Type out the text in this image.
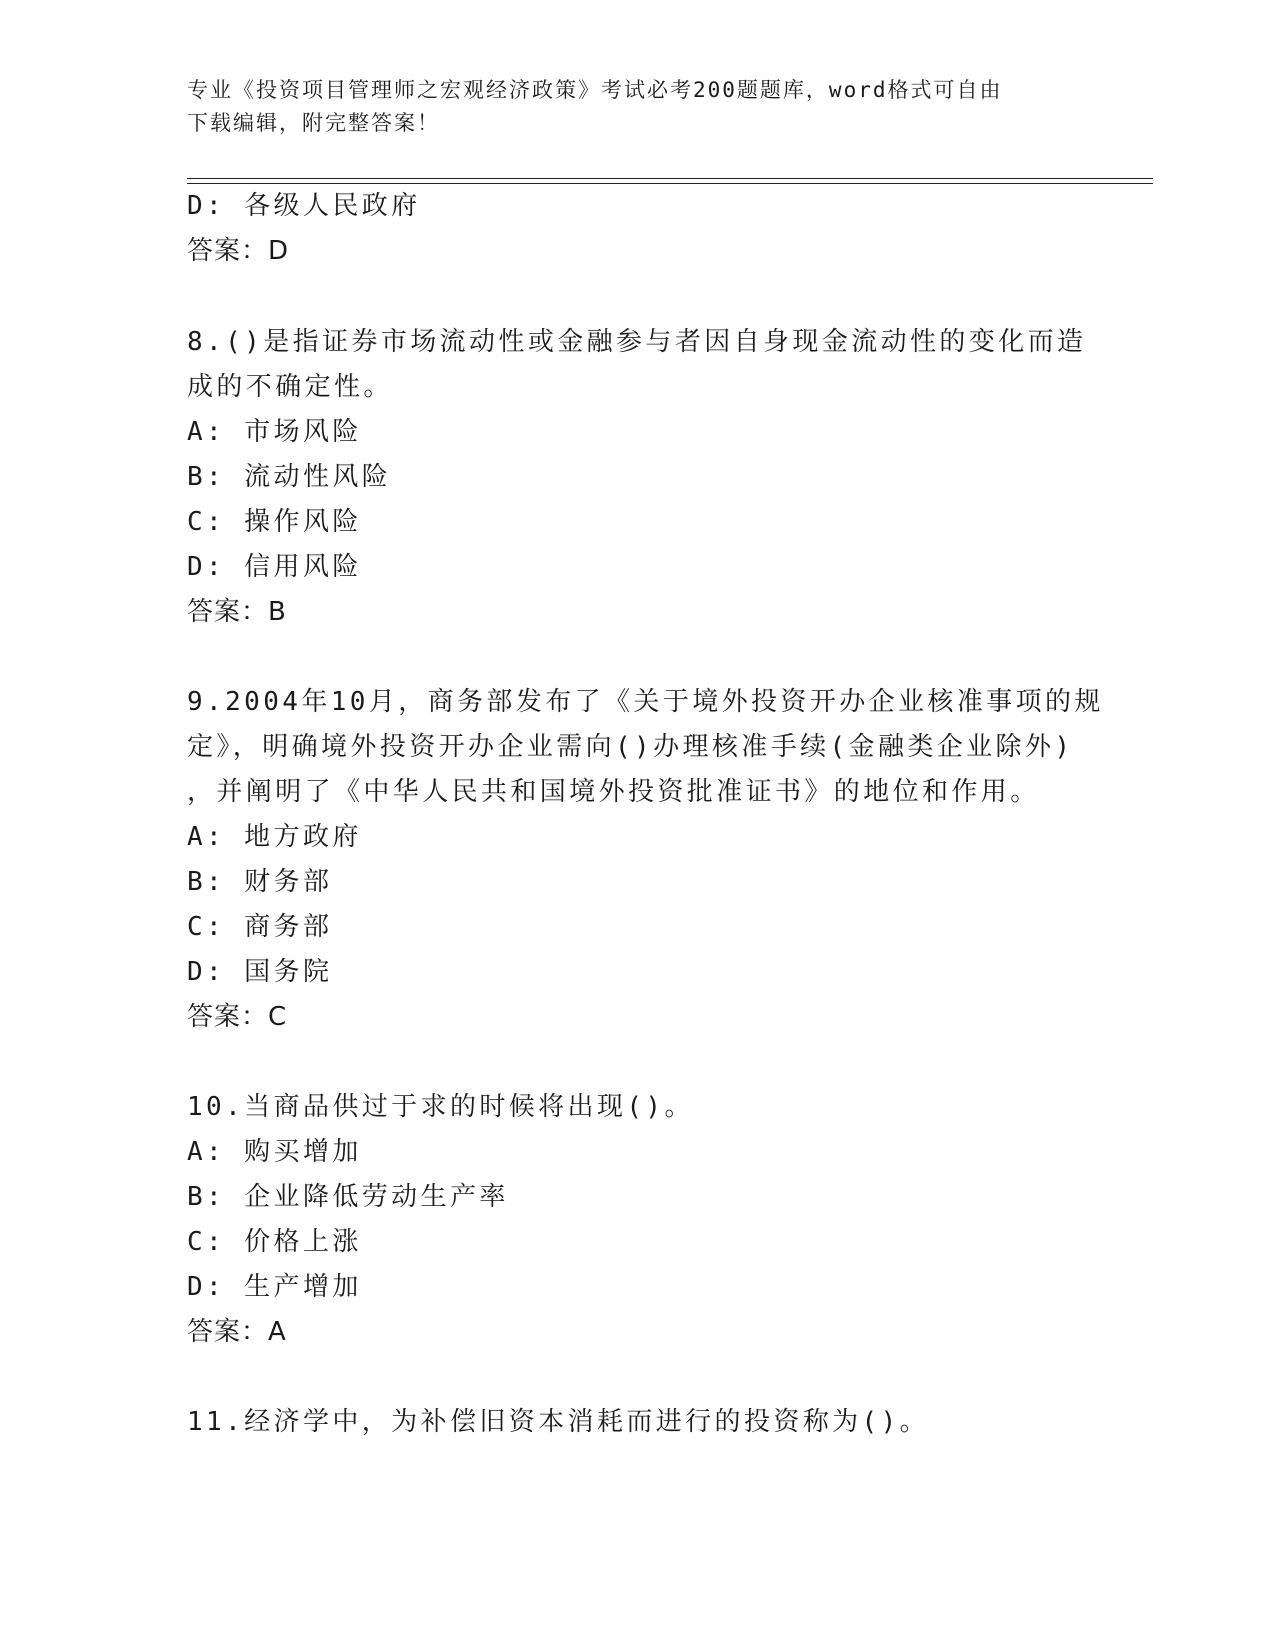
专业《投资项目管理师之宏观经济政策》考试必考200题题库，word格式可自由
下载编辑，附完整答案！
D: 各级人民政府
答案：D
8.()是指证券市场流动性或金融参与者因自身现金流动性的变化而造
成的不确定性。
A: 市场风险
B: 流动性风险
C: 操作风险
D: 信用风险
答案：B
9.2004年10月，商务部发布了《关于境外投资开办企业核准事项的规
定》，明确境外投资开办企业需向()办理核准手续(金融类企业除外)
，并阐明了《中华人民共和国境外投资批准证书》的地位和作用。
A: 地方政府
B: 财务部
C: 商务部
D: 国务院
答案：C
10.当商品供过于求的时候将出现()。
A: 购买增加
B: 企业降低劳动生产率
C: 价格上涨
D: 生产增加
答案：A
11.经济学中，为补偿旧资本消耗而进行的投资称为()。
